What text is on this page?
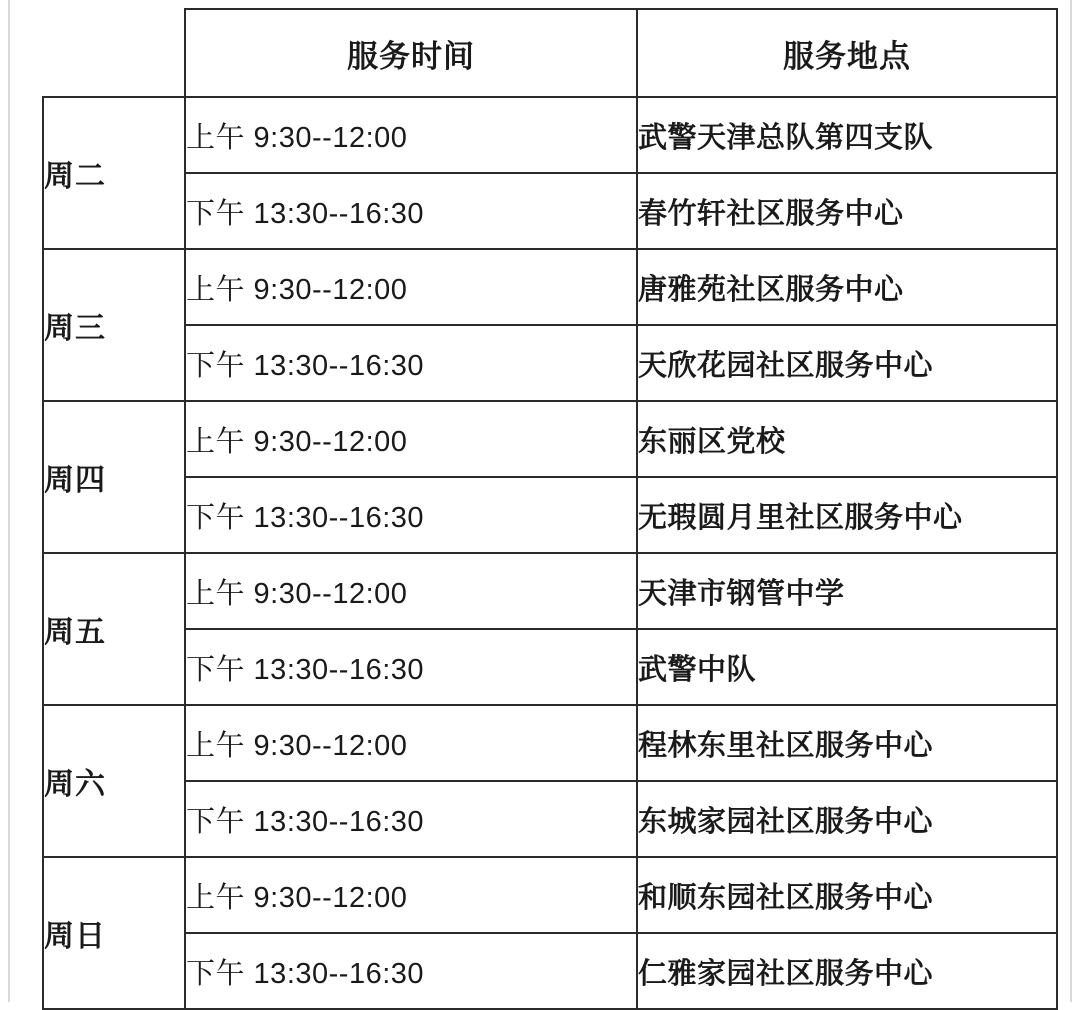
	服务时间	服务地点
周二	上午 9:30--12:00	武警天津总队第四支队
	下午 13:30--16:30	春竹轩社区服务中心
周三	上午 9:30--12:00	唐雅苑社区服务中心
	下午 13:30--16:30	天欣花园社区服务中心
周四	上午 9:30--12:00	东丽区党校
	下午 13:30--16:30	无瑕圆月里社区服务中心
周五	上午 9:30--12:00	天津市钢管中学
	下午 13:30--16:30	武警中队
周六	上午 9:30--12:00	程林东里社区服务中心
	下午 13:30--16:30	东城家园社区服务中心
周日	上午 9:30--12:00	和顺东园社区服务中心
	下午 13:30--16:30	仁雅家园社区服务中心
